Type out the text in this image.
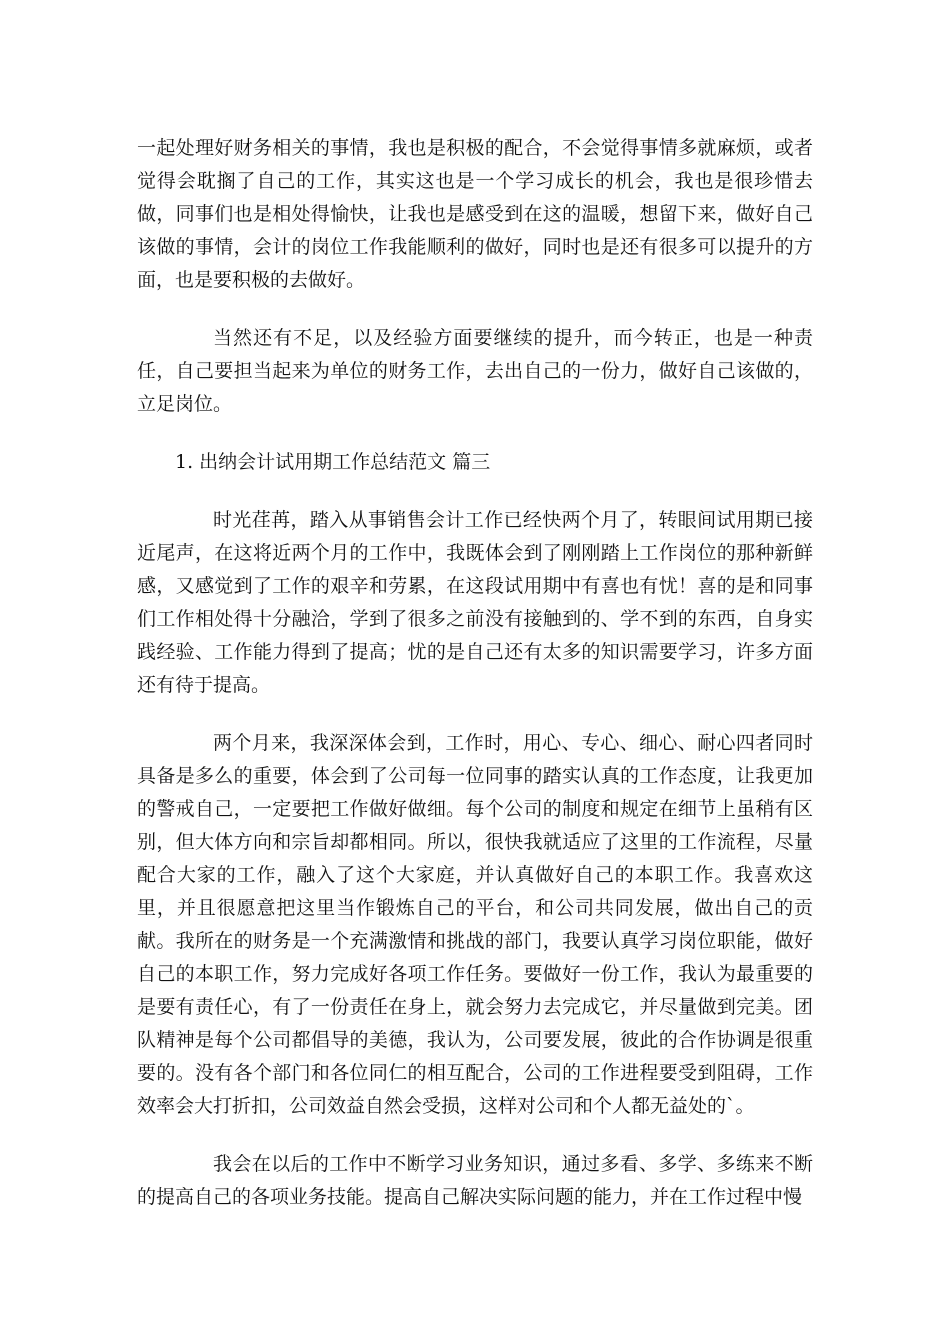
一起处理好财务相关的事情，我也是积极的配合，不会觉得事情多就麻烦，或者觉得会耽搁了自己的工作，其实这也是一个学习成长的机会，我也是很珍惜去做，同事们也是相处得愉快，让我也是感受到在这的温暖，想留下来，做好自己该做的事情，会计的岗位工作我能顺利的做好，同时也是还有很多可以提升的方面，也是要积极的去做好。

当然还有不足，以及经验方面要继续的提升，而今转正，也是一种责任，自己要担当起来为单位的财务工作，去出自己的一份力，做好自己该做的，立足岗位。

1. 出纳会计试用期工作总结范文 篇三

时光荏苒，踏入从事销售会计工作已经快两个月了，转眼间试用期已接近尾声，在这将近两个月的工作中，我既体会到了刚刚踏上工作岗位的那种新鲜感，又感觉到了工作的艰辛和劳累，在这段试用期中有喜也有忧！喜的是和同事们工作相处得十分融洽，学到了很多之前没有接触到的、学不到的东西，自身实践经验、工作能力得到了提高；忧的是自己还有太多的知识需要学习，许多方面还有待于提高。

两个月来，我深深体会到，工作时，用心、专心、细心、耐心四者同时具备是多么的重要，体会到了公司每一位同事的踏实认真的工作态度，让我更加的警戒自己，一定要把工作做好做细。每个公司的制度和规定在细节上虽稍有区别，但大体方向和宗旨却都相同。所以，很快我就适应了这里的工作流程，尽量配合大家的工作，融入了这个大家庭，并认真做好自己的本职工作。我喜欢这里，并且很愿意把这里当作锻炼自己的平台，和公司共同发展，做出自己的贡献。我所在的财务是一个充满激情和挑战的部门，我要认真学习岗位职能，做好自己的本职工作，努力完成好各项工作任务。要做好一份工作，我认为最重要的是要有责任心，有了一份责任在身上，就会努力去完成它，并尽量做到完美。团队精神是每个公司都倡导的美德，我认为，公司要发展，彼此的合作协调是很重要的。没有各个部门和各位同仁的相互配合，公司的工作进程要受到阻碍，工作效率会大打折扣，公司效益自然会受损，这样对公司和个人都无益处的`。

我会在以后的工作中不断学习业务知识，通过多看、多学、多练来不断的提高自己的各项业务技能。提高自己解决实际问题的能力，并在工作过程中慢
